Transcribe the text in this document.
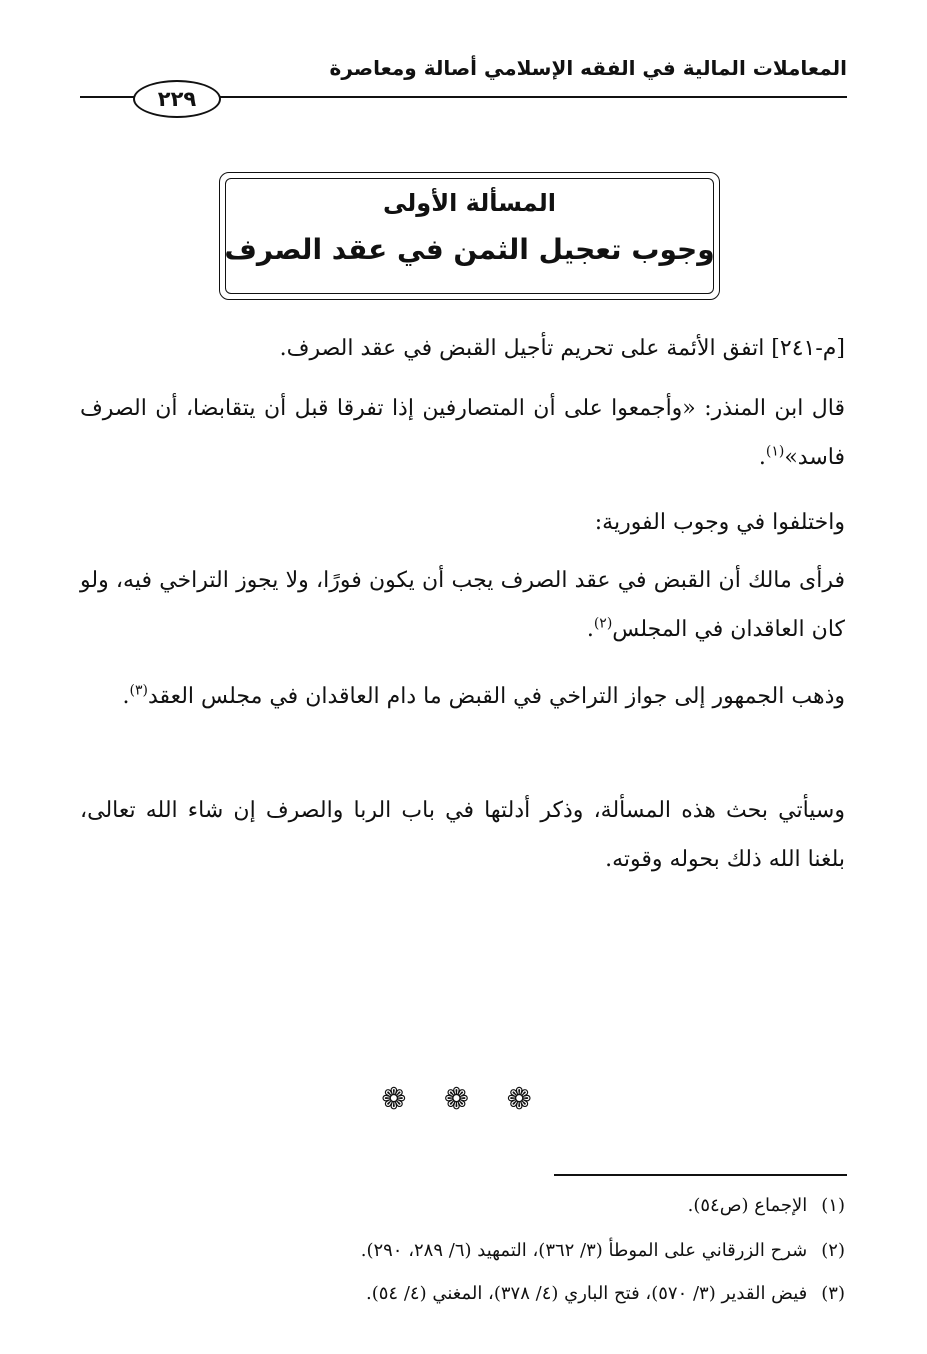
المعاملات المالية في الفقه الإسلامي أصالة ومعاصرة
٢٢٩
المسألة الأولى
وجوب تعجيل الثمن في عقد الصرف
[م-٢٤١] اتفق الأئمة على تحريم تأجيل القبض في عقد الصرف.
قال ابن المنذر: «وأجمعوا على أن المتصارفين إذا تفرقا قبل أن يتقابضا، أن الصرف فاسد»$^{(١)}$.
واختلفوا في وجوب الفورية:
فرأى مالك أن القبض في عقد الصرف يجب أن يكون فورًا، ولا يجوز التراخي فيه، ولو كان العاقدان في المجلس$^{(٢)}$.
وذهب الجمهور إلى جواز التراخي في القبض ما دام العاقدان في مجلس العقد$^{(٣)}$.
وسيأتي بحث هذه المسألة، وذكر أدلتها في باب الربا والصرف إن شاء الله تعالى، بلغنا الله ذلك بحوله وقوته.
❁ ❁ ❁
(١)الإجماع (ص٥٤).
(٢)شرح الزرقاني على الموطأ (٣/ ٣٦٢)، التمهيد (٦/ ٢٨٩، ٢٩٠).
(٣)فيض القدير (٣/ ٥٧٠)، فتح الباري (٤/ ٣٧٨)، المغني (٤/ ٥٤).
